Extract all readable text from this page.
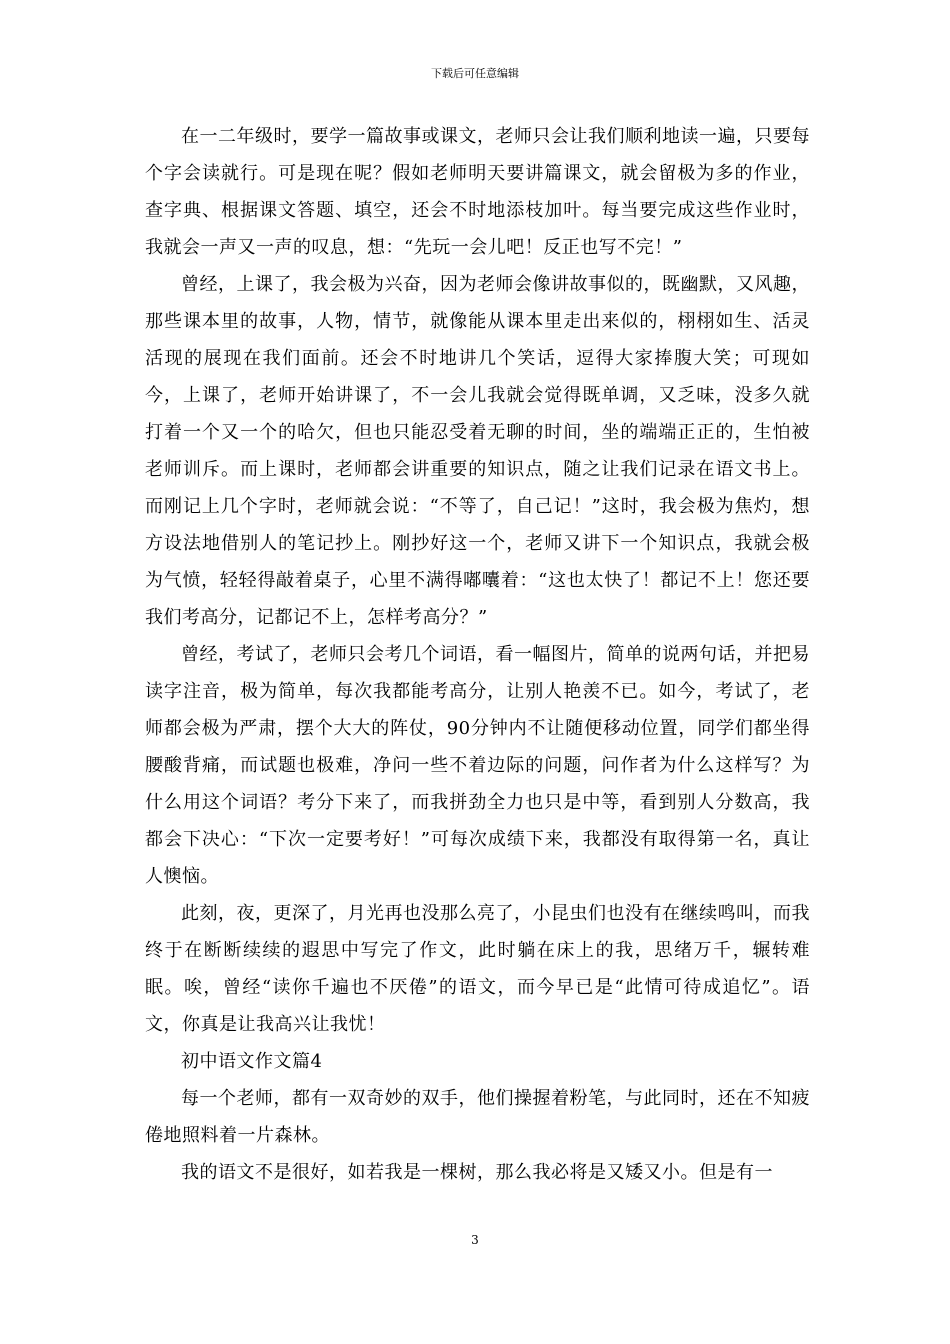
下载后可任意编辑

在一二年级时，要学一篇故事或课文，老师只会让我们顺利地读一遍，只要每个字会读就行。可是现在呢？假如老师明天要讲篇课文，就会留极为多的作业，查字典、根据课文答题、填空，还会不时地添枝加叶。每当要完成这些作业时，我就会一声又一声的叹息，想：“先玩一会儿吧！反正也写不完！”

曾经，上课了，我会极为兴奋，因为老师会像讲故事似的，既幽默，又风趣，那些课本里的故事，人物，情节，就像能从课本里走出来似的，栩栩如生、活灵活现的展现在我们面前。还会不时地讲几个笑话，逗得大家捧腹大笑；可现如今，上课了，老师开始讲课了，不一会儿我就会觉得既单调，又乏味，没多久就打着一个又一个的哈欠，但也只能忍受着无聊的时间，坐的端端正正的，生怕被老师训斥。而上课时，老师都会讲重要的知识点，随之让我们记录在语文书上。而刚记上几个字时，老师就会说：“不等了，自己记！”这时，我会极为焦灼，想方设法地借别人的笔记抄上。刚抄好这一个，老师又讲下一个知识点，我就会极为气愤，轻轻得敲着桌子，心里不满得嘟囔着：“这也太快了！都记不上！您还要我们考高分，记都记不上，怎样考高分？”

曾经，考试了，老师只会考几个词语，看一幅图片，简单的说两句话，并把易读字注音，极为简单，每次我都能考高分，让别人艳羡不已。如今，考试了，老师都会极为严肃，摆个大大的阵仗，90分钟内不让随便移动位置，同学们都坐得腰酸背痛，而试题也极难，净问一些不着边际的问题，问作者为什么这样写？为什么用这个词语？考分下来了，而我拼劲全力也只是中等，看到别人分数高，我都会下决心：“下次一定要考好！”可每次成绩下来，我都没有取得第一名，真让人懊恼。

此刻，夜，更深了，月光再也没那么亮了，小昆虫们也没有在继续鸣叫，而我终于在断断续续的遐思中写完了作文，此时躺在床上的我，思绪万千，辗转难眠。唉，曾经“读你千遍也不厌倦”的语文，而今早已是“此情可待成追忆”。语文，你真是让我高兴让我忧！

初中语文作文篇4

每一个老师，都有一双奇妙的双手，他们操握着粉笔，与此同时，还在不知疲倦地照料着一片森林。

我的语文不是很好，如若我是一棵树，那么我必将是又矮又小。但是有一

3
